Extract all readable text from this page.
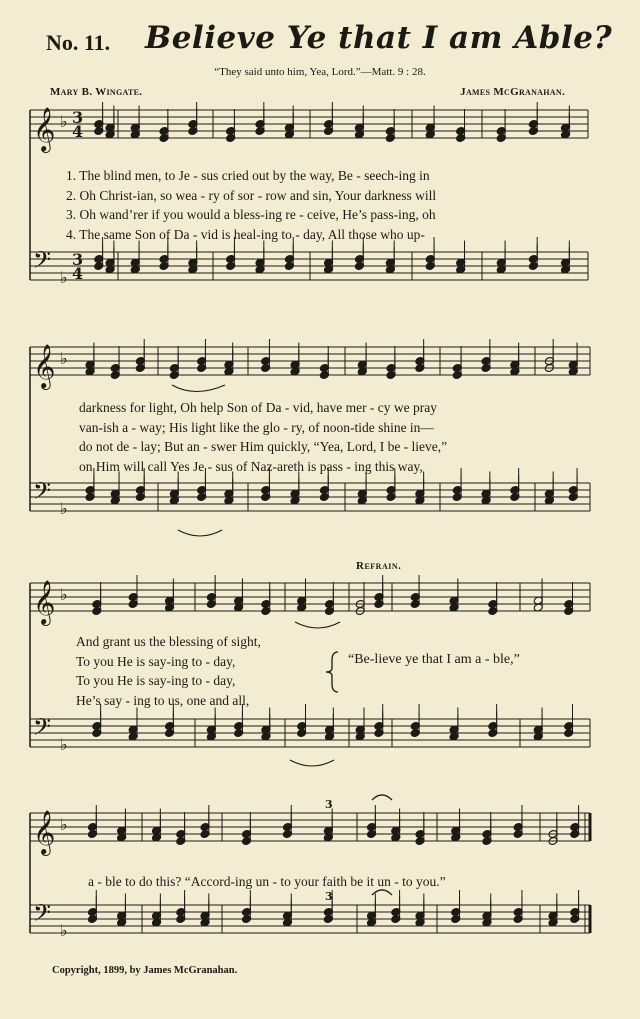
No. 11. Believe Ye that I am Able?
“They said unto him, Yea, Lord.”—Matt. 9 : 28.
Mary B. Wingate.	James McGranahan.
𝄞 ♭ 3
4
𝄢 ♭
3
4
𝄞 ♭
𝄢 ♭
𝄞 ♭
𝄢 ♭
𝄞 ♭
𝄢 ♭
3
3
1. The blind men, to Je - sus cried out by the way, Be - seech-ing in
2. Oh Christ-ian, so wea - ry of sor - row and sin, Your darkness will
3. Oh wand’rer if you would a bless-ing re - ceive, He’s pass-ing, oh
4. The same Son of Da - vid is heal-ing to - day, All those who up-
darkness for light, Oh help Son of Da - vid, have mer - cy we pray
van-ish a - way; His light like the glo - ry, of noon-tide shine in—
do not de - lay; But an - swer Him quickly, “Yea, Lord, I be - lieve,”
on Him will call Yes Je - sus of Naz-areth is pass - ing this way,
Refrain.
And grant us the blessing of sight,
To you He is say-ing to - day,
To you He is say-ing to - day,
He’s say - ing to us, one and all,
“Be-lieve ye that I am a - ble,”
a - ble to do this? “Accord-ing un - to your faith be it un - to you.”
Copyright, 1899, by James McGranahan.
